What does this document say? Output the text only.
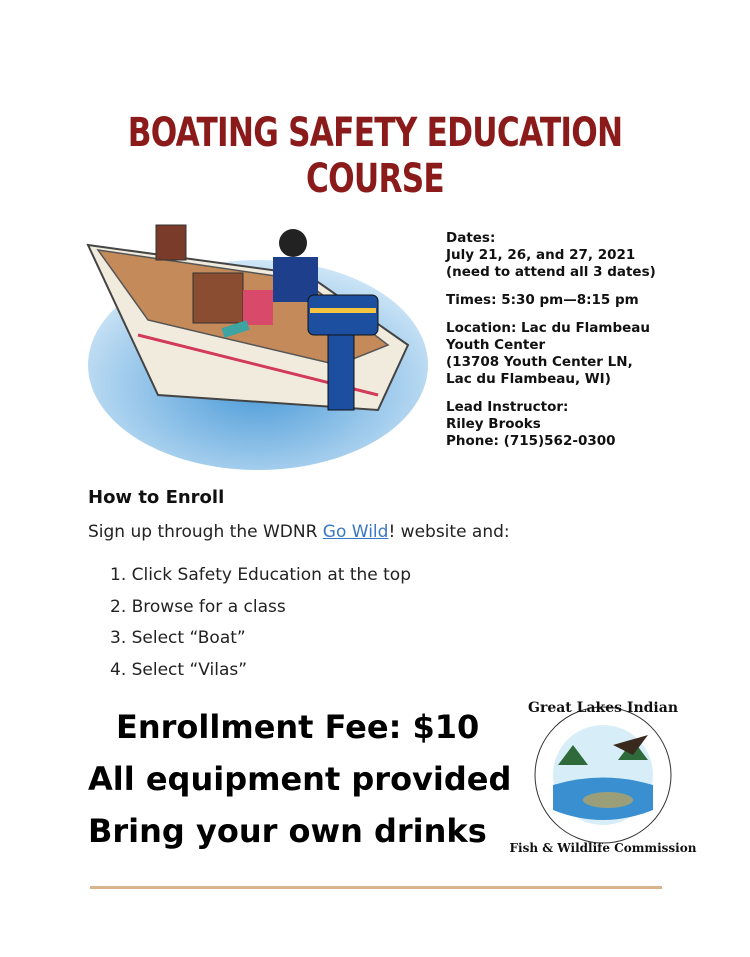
BOATING SAFETY EDUCATION COURSE

Dates:
July 21, 26, and 27, 2021
(need to attend all 3 dates)

Times: 5:30 pm—8:15 pm

Location: Lac du Flambeau
Youth Center
(13708 Youth Center LN,
Lac du Flambeau, WI)

Lead Instructor:
Riley Brooks
Phone: (715)562-0300

How to Enroll
Sign up through the WDNR Go Wild! website and:
1. Click Safety Education at the top
2. Browse for a class
3. Select “Boat”
4. Select “Vilas”
Enrollment Fee: $10
All equipment provided
Bring your own drinks
Great Lakes Indian
Fish & Wildlife Commission
